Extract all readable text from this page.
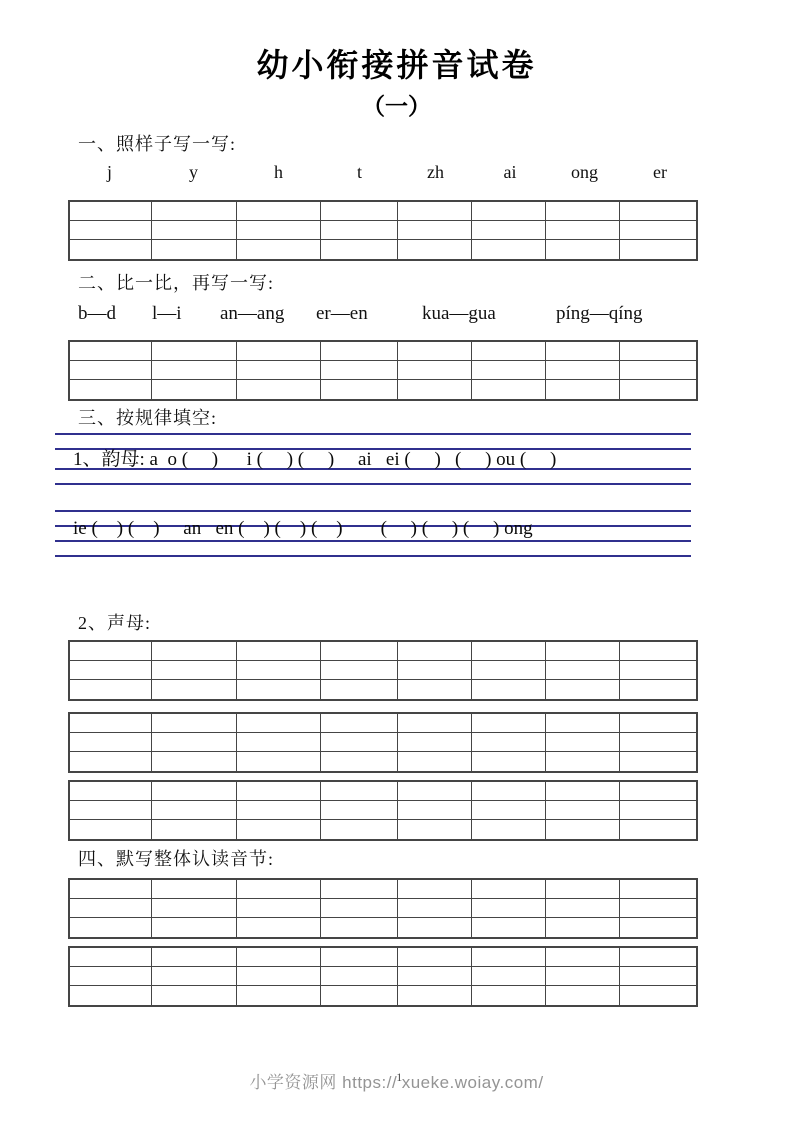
幼小衔接拼音试卷
（一）
一、照样子写一写:
j	y	h	t	zh	ai	ong	er
二、比一比，再写一写:
b—d l—i an—ang er—en	kua—gua	píng—qíng
三、按规律填空:
1、韵母: a  o (     )      i (     ) (     )     ai   ei (     )   (     ) ou (     )
ie (    ) (    )     an   en (    ) (    ) (    )        (     ) (     ) (     ) ong
2、声母:
四、默写整体认读音节:
小学资源网 https://$^1$xueke.woiay.com/
